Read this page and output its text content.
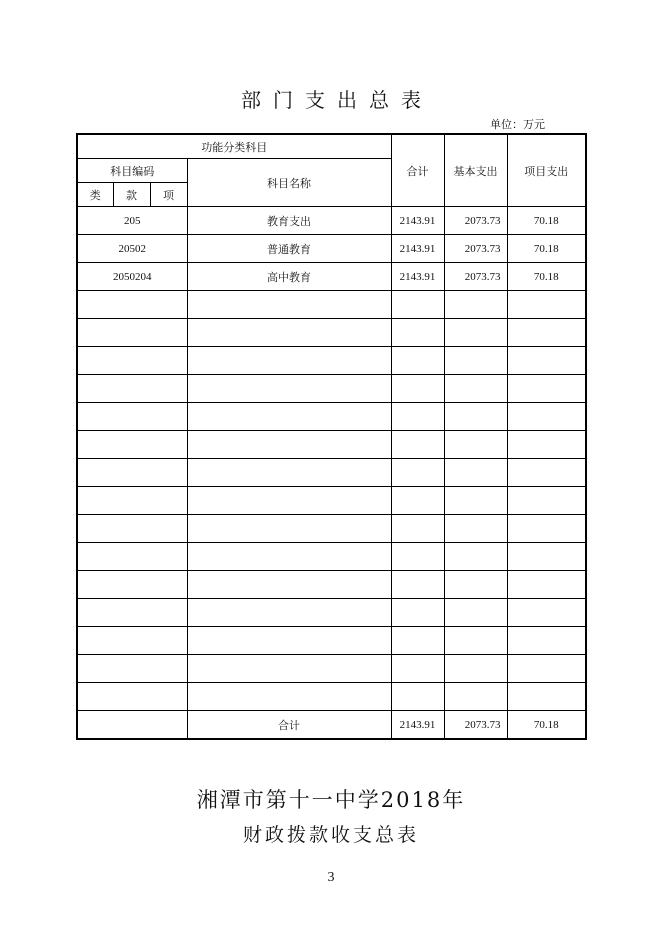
部门支出总表
单位：万元
功能分类科目				合计	基本支出	项目支出
科目编码			科目名称			
类	款	项				
205			教育支出	2143.91	2073.73	70.18
20502			普通教育	2143.91	2073.73	70.18
2050204			高中教育	2143.91	2073.73	70.18

			合计	2143.91	2073.73	70.18
湘潭市第十一中学2018年
财政拨款收支总表
3
